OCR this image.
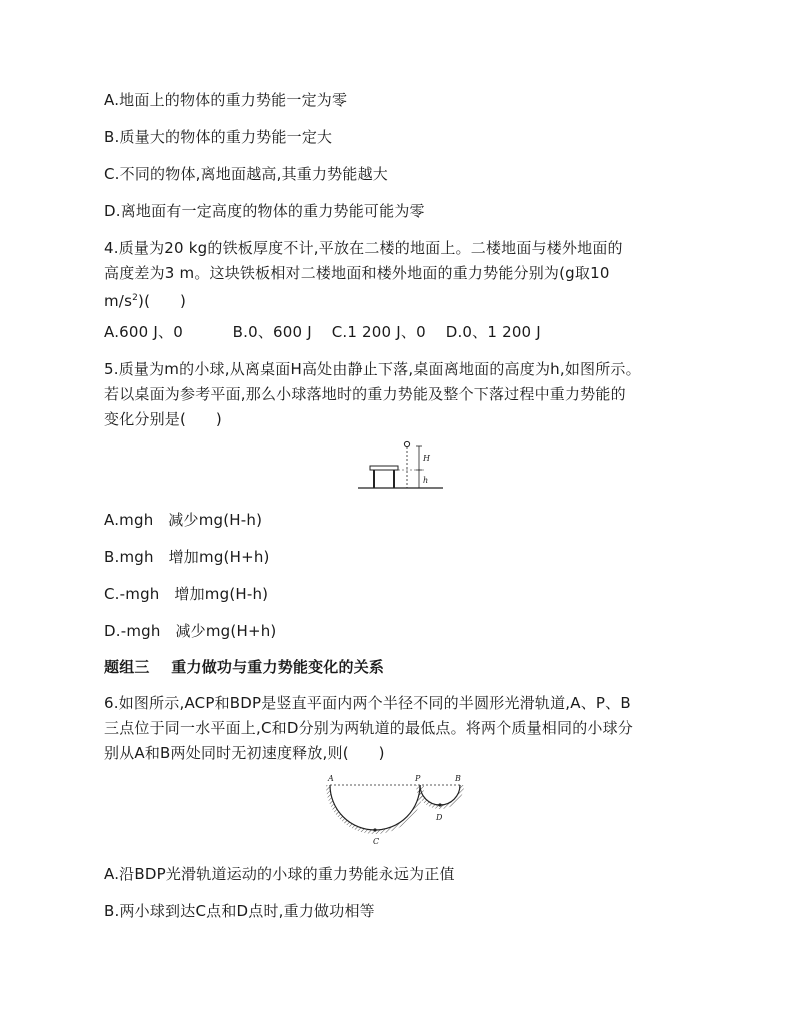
A.地面上的物体的重力势能一定为零
B.质量大的物体的重力势能一定大
C.不同的物体,离地面越高,其重力势能越大
D.离地面有一定高度的物体的重力势能可能为零
4.质量为20 kg的铁板厚度不计,平放在二楼的地面上。二楼地面与楼外地面的
高度差为3 m。这块铁板相对二楼地面和楼外地面的重力势能分别为(g取10
$m/s^2$)(      )
A.600 J、0          B.0、600 J    C.1 200 J、0    D.0、1 200 J
5.质量为m的小球,从离桌面H高处由静止下落,桌面离地面的高度为h,如图所示。
若以桌面为参考平面,那么小球落地时的重力势能及整个下落过程中重力势能的
变化分别是(      )
H
h
A.mgh   减少mg(H-h)
B.mgh   增加mg(H+h)
C.-mgh   增加mg(H-h)
D.-mgh   减少mg(H+h)
题组三    重力做功与重力势能变化的关系
6.如图所示,ACP和BDP是竖直平面内两个半径不同的半圆形光滑轨道,A、P、B
三点位于同一水平面上,C和D分别为两轨道的最低点。将两个质量相同的小球分
别从A和B两处同时无初速度释放,则(      )
A	P	B
C
D
A.沿BDP光滑轨道运动的小球的重力势能永远为正值
B.两小球到达C点和D点时,重力做功相等
